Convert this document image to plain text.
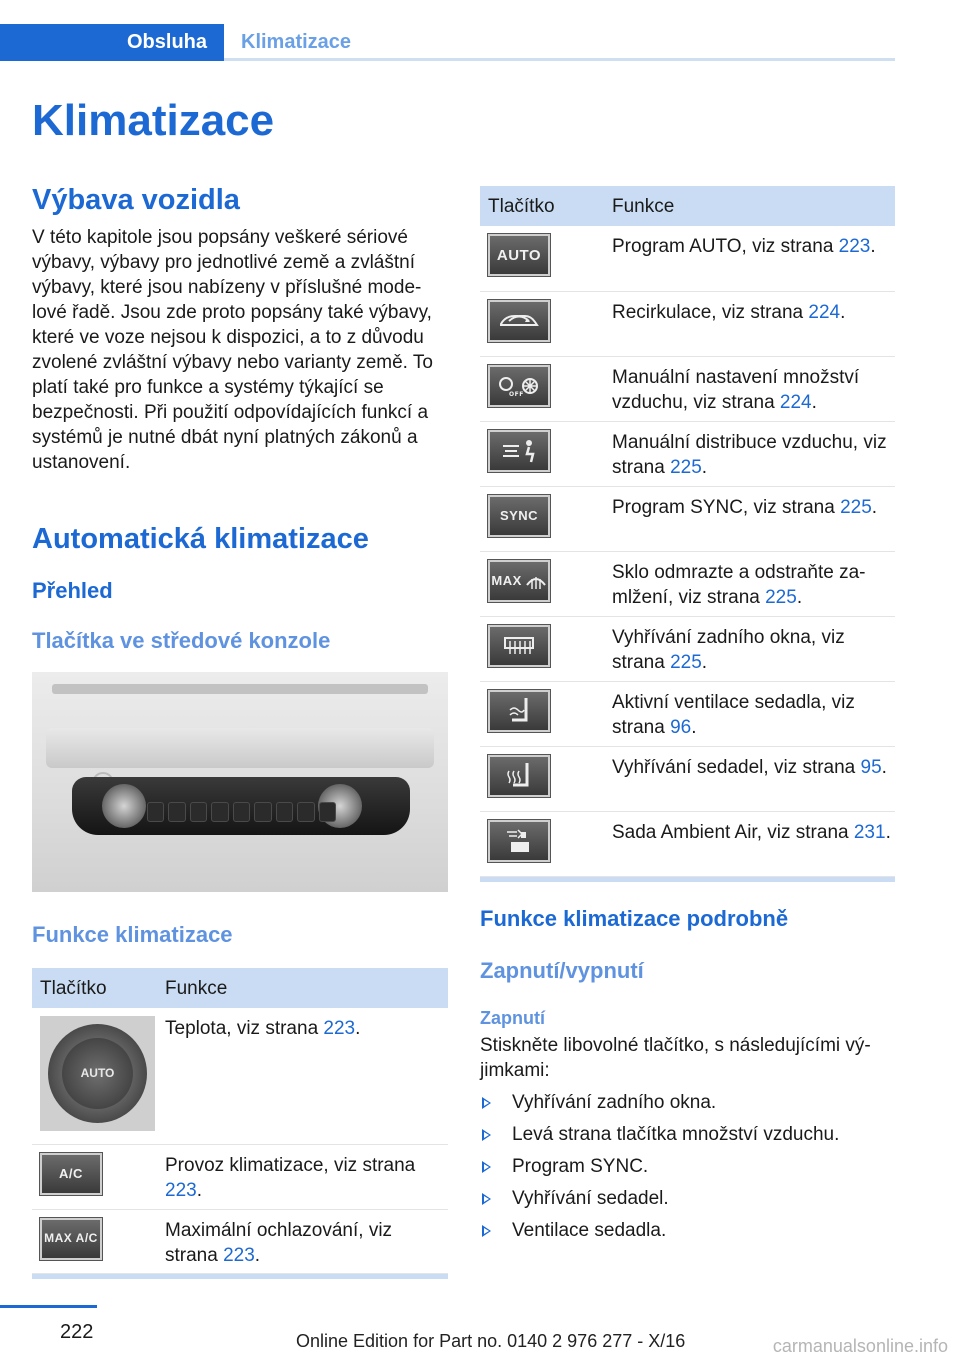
Obsluha	Klimatizace
Klimatizace
Výbava vozidla

V této kapitole jsou popsány veškeré sériové výbavy, výbavy pro jednotlivé země a zvláštní výbavy, které jsou nabízeny v příslušné modelové řadě. Jsou zde proto popsány také výbavy, které ve voze nejsou k dispozici, a to z důvodu zvolené zvláštní výbavy nebo varianty země. To platí také pro funkce a systémy týkající se bezpečnosti. Při použití odpovídajících funkcí a systémů je nutné dbát nyní platných zákonů a ustanovení.

Automatická klimatizace
Přehled
Tlačítka ve středové konzole
Funkce klimatizace
Tlačítko	Funkce

AUTO	Teplota, viz strana 223.

A/C	Provoz klimatizace, viz strana 223.

MAX A/C	Maximální ochlazování, viz strana 223.
Tlačítko	Funkce

AUTO	Program AUTO, viz strana 223.

	Recirkulace, viz strana 224.

OFF	Manuální nastavení množství vzduchu, viz strana 224.

	Manuální distribuce vzduchu, viz strana 225.

SYNC	Program SYNC, viz strana 225.

MAX	Sklo odmrazte a odstraňte zamlžení, viz strana 225.

	Vyhřívání zadního okna, viz strana 225.

	Aktivní ventilace sedadla, viz strana 96.

	Vyhřívání sedadel, viz strana 95.

	Sada Ambient Air, viz strana 231.
Funkce klimatizace podrobně
Zapnutí/vypnutí
Zapnutí

Stiskněte libovolné tlačítko, s následujícími výjimkami:

Vyhřívání zadního okna.
Levá strana tlačítka množství vzduchu.
Program SYNC.
Vyhřívání sedadel.
Ventilace sedadla.
222	Online Edition for Part no. 0140 2 976 277 - X/16	carmanualsonline.info
